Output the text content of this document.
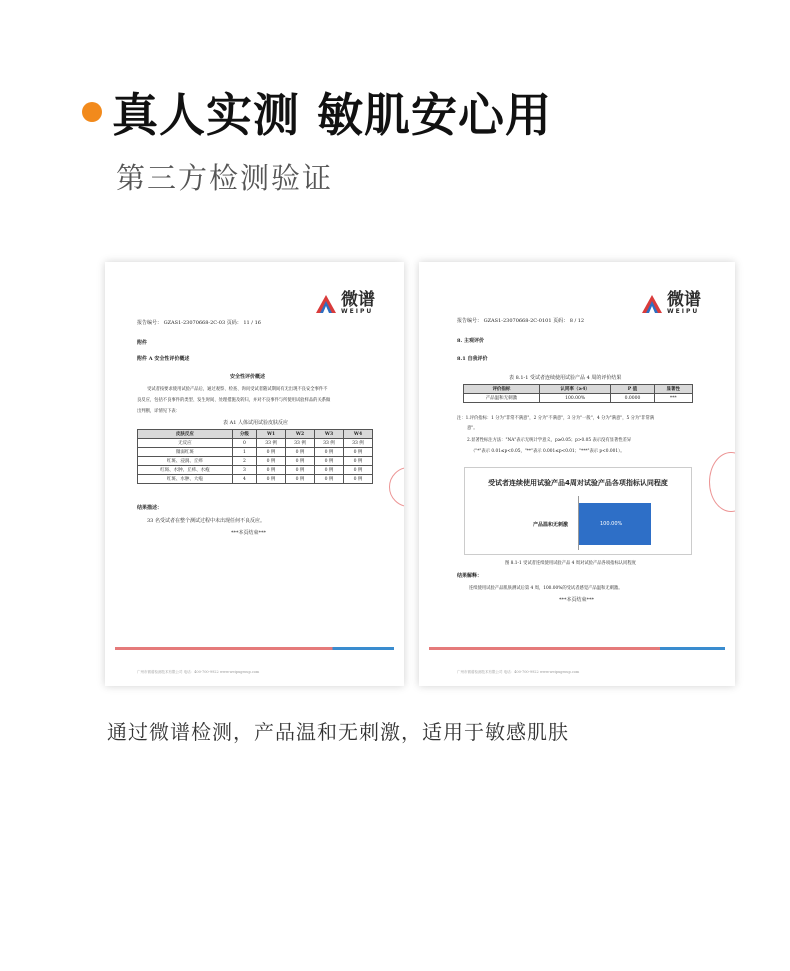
真人实测 敏肌安心用
第三方检测验证
微谱
WEIPU
报告编号： GZAS1-23070668-2C-03 页码： 11 / 16
附件
附件 A 安全性评价概述
安全性评价概述
受试者按要求使用试验产品后，通过观察、检查、询问受试者随试期间有无出现不良安全事件不
良反应，包括不良事件的类型、发生时间、处理措施及转归，并对不良事件与所使用试验样品的关系做
出判断，详情见下表：
表 A1 人体试用试验皮肤反应
皮肤反应	分级	W1	W2	W3	W4
无反应	0	33 例	33 例	33 例	33 例
微弱红斑	1	0 例	0 例	0 例	0 例
红斑、浸润、丘疹	2	0 例	0 例	0 例	0 例
红斑、水肿、丘疹、水疱	3	0 例	0 例	0 例	0 例
红斑、水肿、大疱	4	0 例	0 例	0 例	0 例
结果描述：
33 名受试者在整个测试过程中未出现任何不良反应。
***本页结束***
广州市微谱检测技术有限公司 电话：400-700-9922 www.weipugroup.com
微谱
WEIPU
报告编号： GZAS1-23070668-2C-0101 页码： 8 / 12
8. 主观评价
8.1 自我评价
表 8.1-1 受试者连续使用试验产品 4 周的评价结果
评价指标	认同率（≥4）	P 值	显著性
产品温和无刺激	100.00%	0.0000	***
注：1.评价指标：1 分为"非常不满意"，2 分为"不满意"，3 分为"一般"，4 分为"满意"，5 分为"非常满
意"。
2.显著性标注方法："NA"表示无统计学意义，p≥0.05；p>0.05 表示没有显著性差异
（"*"表示 0.01≤p<0.05，"**"表示 0.001≤p<0.01；"***"表示 p<0.001）。
受试者连续使用试验产品4周对试验产品各项指标认同程度
产品温和无刺激	100.00%
图 8.1-1 受试者连续使用试验产品 4 周对试验产品各项指标认同程度
结果解释：
连续使用试验产品肌肤测试后第 4 周，100.00%的受试者感觉产品温和无刺激。
***本页结束***
广州市微谱检测技术有限公司 电话：400-700-9922 www.weipugroup.com
通过微谱检测，产品温和无刺激，适用于敏感肌肤
